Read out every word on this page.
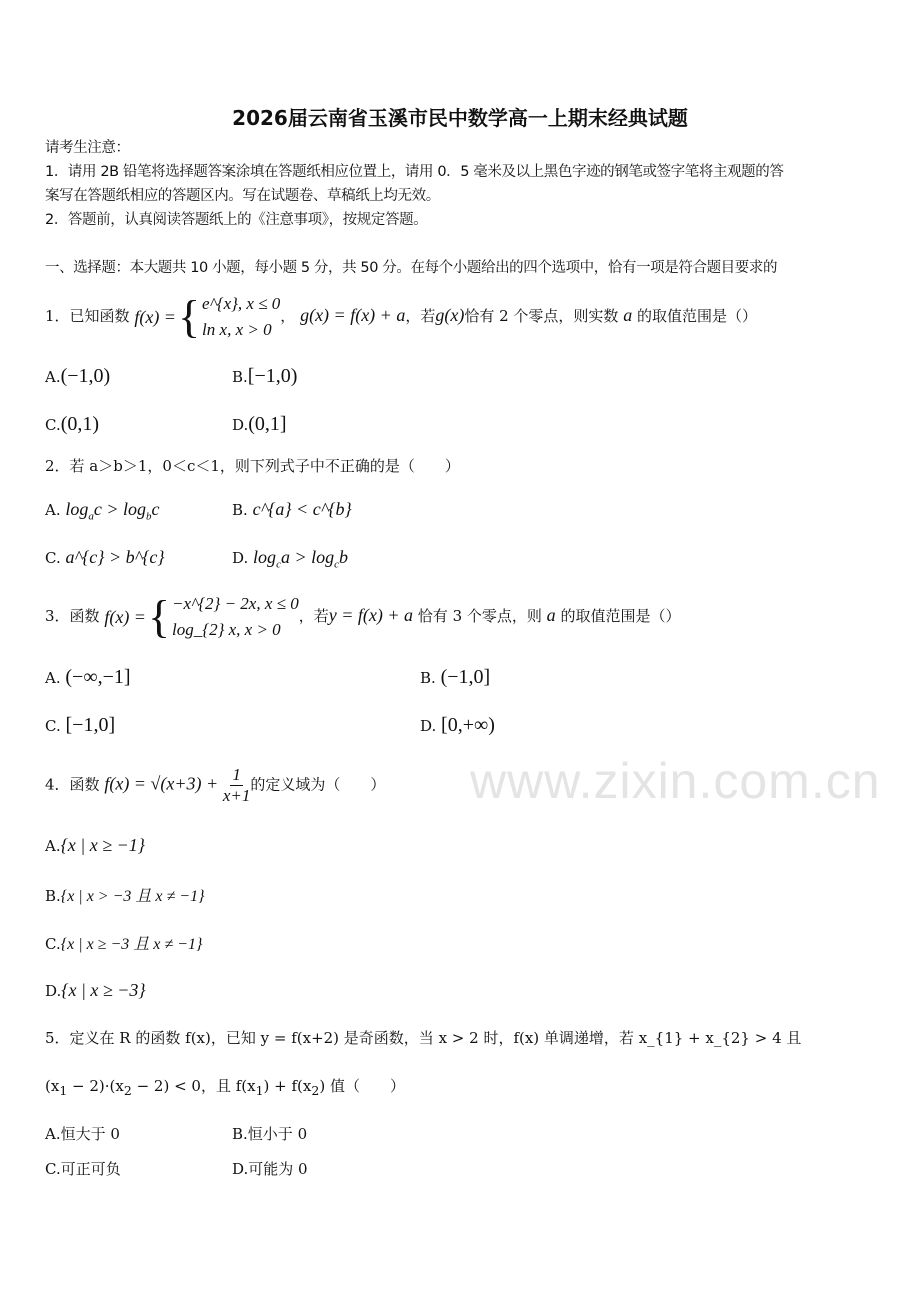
www.zixin.com.cn
2026届云南省玉溪市民中数学高一上期末经典试题
请考生注意：
1．请用 2B 铅笔将选择题答案涂填在答题纸相应位置上，请用 0．5 毫米及以上黑色字迹的钢笔或签字笔将主观题的答
案写在答题纸相应的答题区内。写在试题卷、草稿纸上均无效。
2．答题前，认真阅读答题纸上的《注意事项》，按规定答题。
一、选择题：本大题共 10 小题，每小题 5 分，共 50 分。在每个小题给出的四个选项中，恰有一项是符合题目要求的
1．已知函数 f(x) = { e^{x}, x ≤ 0
ln x, x > 0
， g(x) = f(x) + a，若g(x)恰有 2 个零点，则实数 a 的取值范围是（）
A.(−1,0)	B.[−1,0)
C.(0,1)	D.(0,1]
2．若 a＞b＞1，0＜c＜1，则下列式子中不正确的是（　　）
A. $\log_ac > \log_bc$	B. c^{a} < c^{b}
C. a^{c} > b^{c}	D. $\log_ca > \log_cb$
3．函数 f(x) = { −x^{2} − 2x, x ≤ 0
log_{2} x, x > 0
，若y = f(x) + a 恰有 3 个零点，则 a 的取值范围是（）
A. (−∞,−1]	B. (−1,0]
C. [−1,0]	D. [0,+∞)
4．函数 $f(x) = √(x+3) + \frac{1}{x+1}$ 的定义域为（　　）
A.{x | x ≥ −1}
B.{x | x > −3 且 x ≠ −1}
C.{x | x ≥ −3 且 x ≠ −1}
D.{x | x ≥ −3}
5．定义在 R 的函数 f(x)，已知 y = f(x+2) 是奇函数，当 x > 2 时，f(x) 单调递增，若 x_{1} + x_{2} > 4 且
$(x_1 - 2)\cdot(x_2 - 2) < 0$，且 $f(x_1) + f(x_2)$ 值（　　）
A.恒大于 0	B.恒小于 0
C.可正可负	D.可能为 0
